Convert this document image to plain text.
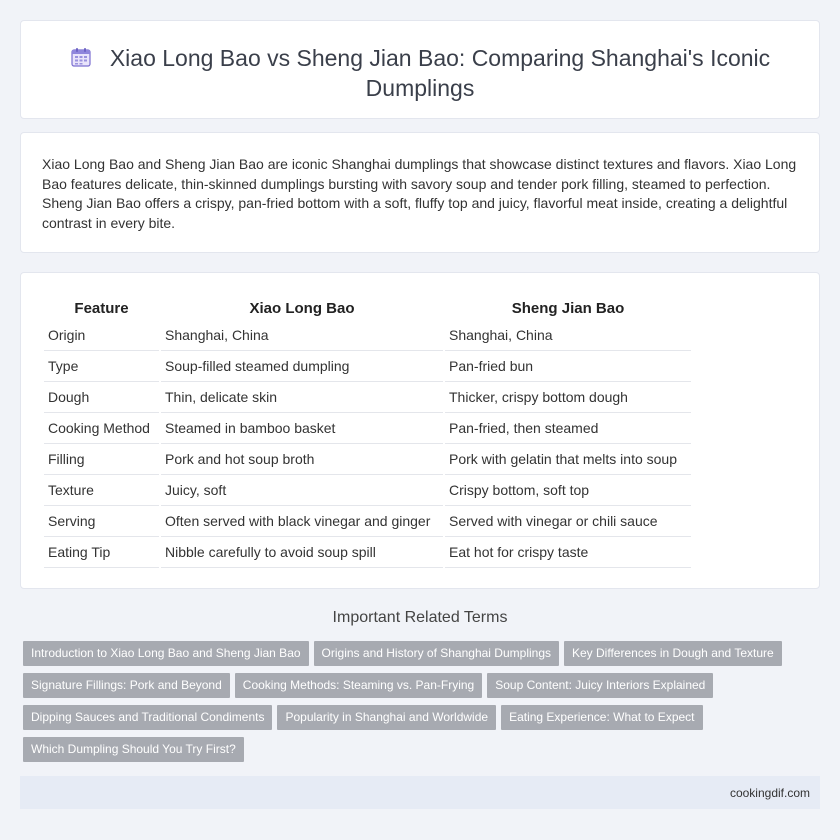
Xiao Long Bao vs Sheng Jian Bao: Comparing Shanghai's Iconic Dumplings

Xiao Long Bao and Sheng Jian Bao are iconic Shanghai dumplings that showcase distinct textures and flavors. Xiao Long Bao features delicate, thin-skinned dumplings bursting with savory soup and tender pork filling, steamed to perfection. Sheng Jian Bao offers a crispy, pan-fried bottom with a soft, fluffy top and juicy, flavorful meat inside, creating a delightful contrast in every bite.

Feature	Xiao Long Bao	Sheng Jian Bao
Origin	Shanghai, China	Shanghai, China
Type	Soup-filled steamed dumpling	Pan-fried bun
Dough	Thin, delicate skin	Thicker, crispy bottom dough
Cooking Method	Steamed in bamboo basket	Pan-fried, then steamed
Filling	Pork and hot soup broth	Pork with gelatin that melts into soup
Texture	Juicy, soft	Crispy bottom, soft top
Serving	Often served with black vinegar and ginger	Served with vinegar or chili sauce
Eating Tip	Nibble carefully to avoid soup spill	Eat hot for crispy taste
Important Related Terms
Introduction to Xiao Long Bao and Sheng Jian Bao Origins and History of Shanghai Dumplings Key Differences in Dough and TextureSignature Fillings: Pork and Beyond Cooking Methods: Steaming vs. Pan-Frying Soup Content: Juicy Interiors ExplainedDipping Sauces and Traditional Condiments Popularity in Shanghai and Worldwide Eating Experience: What to ExpectWhich Dumpling Should You Try First?
cookingdif.com
